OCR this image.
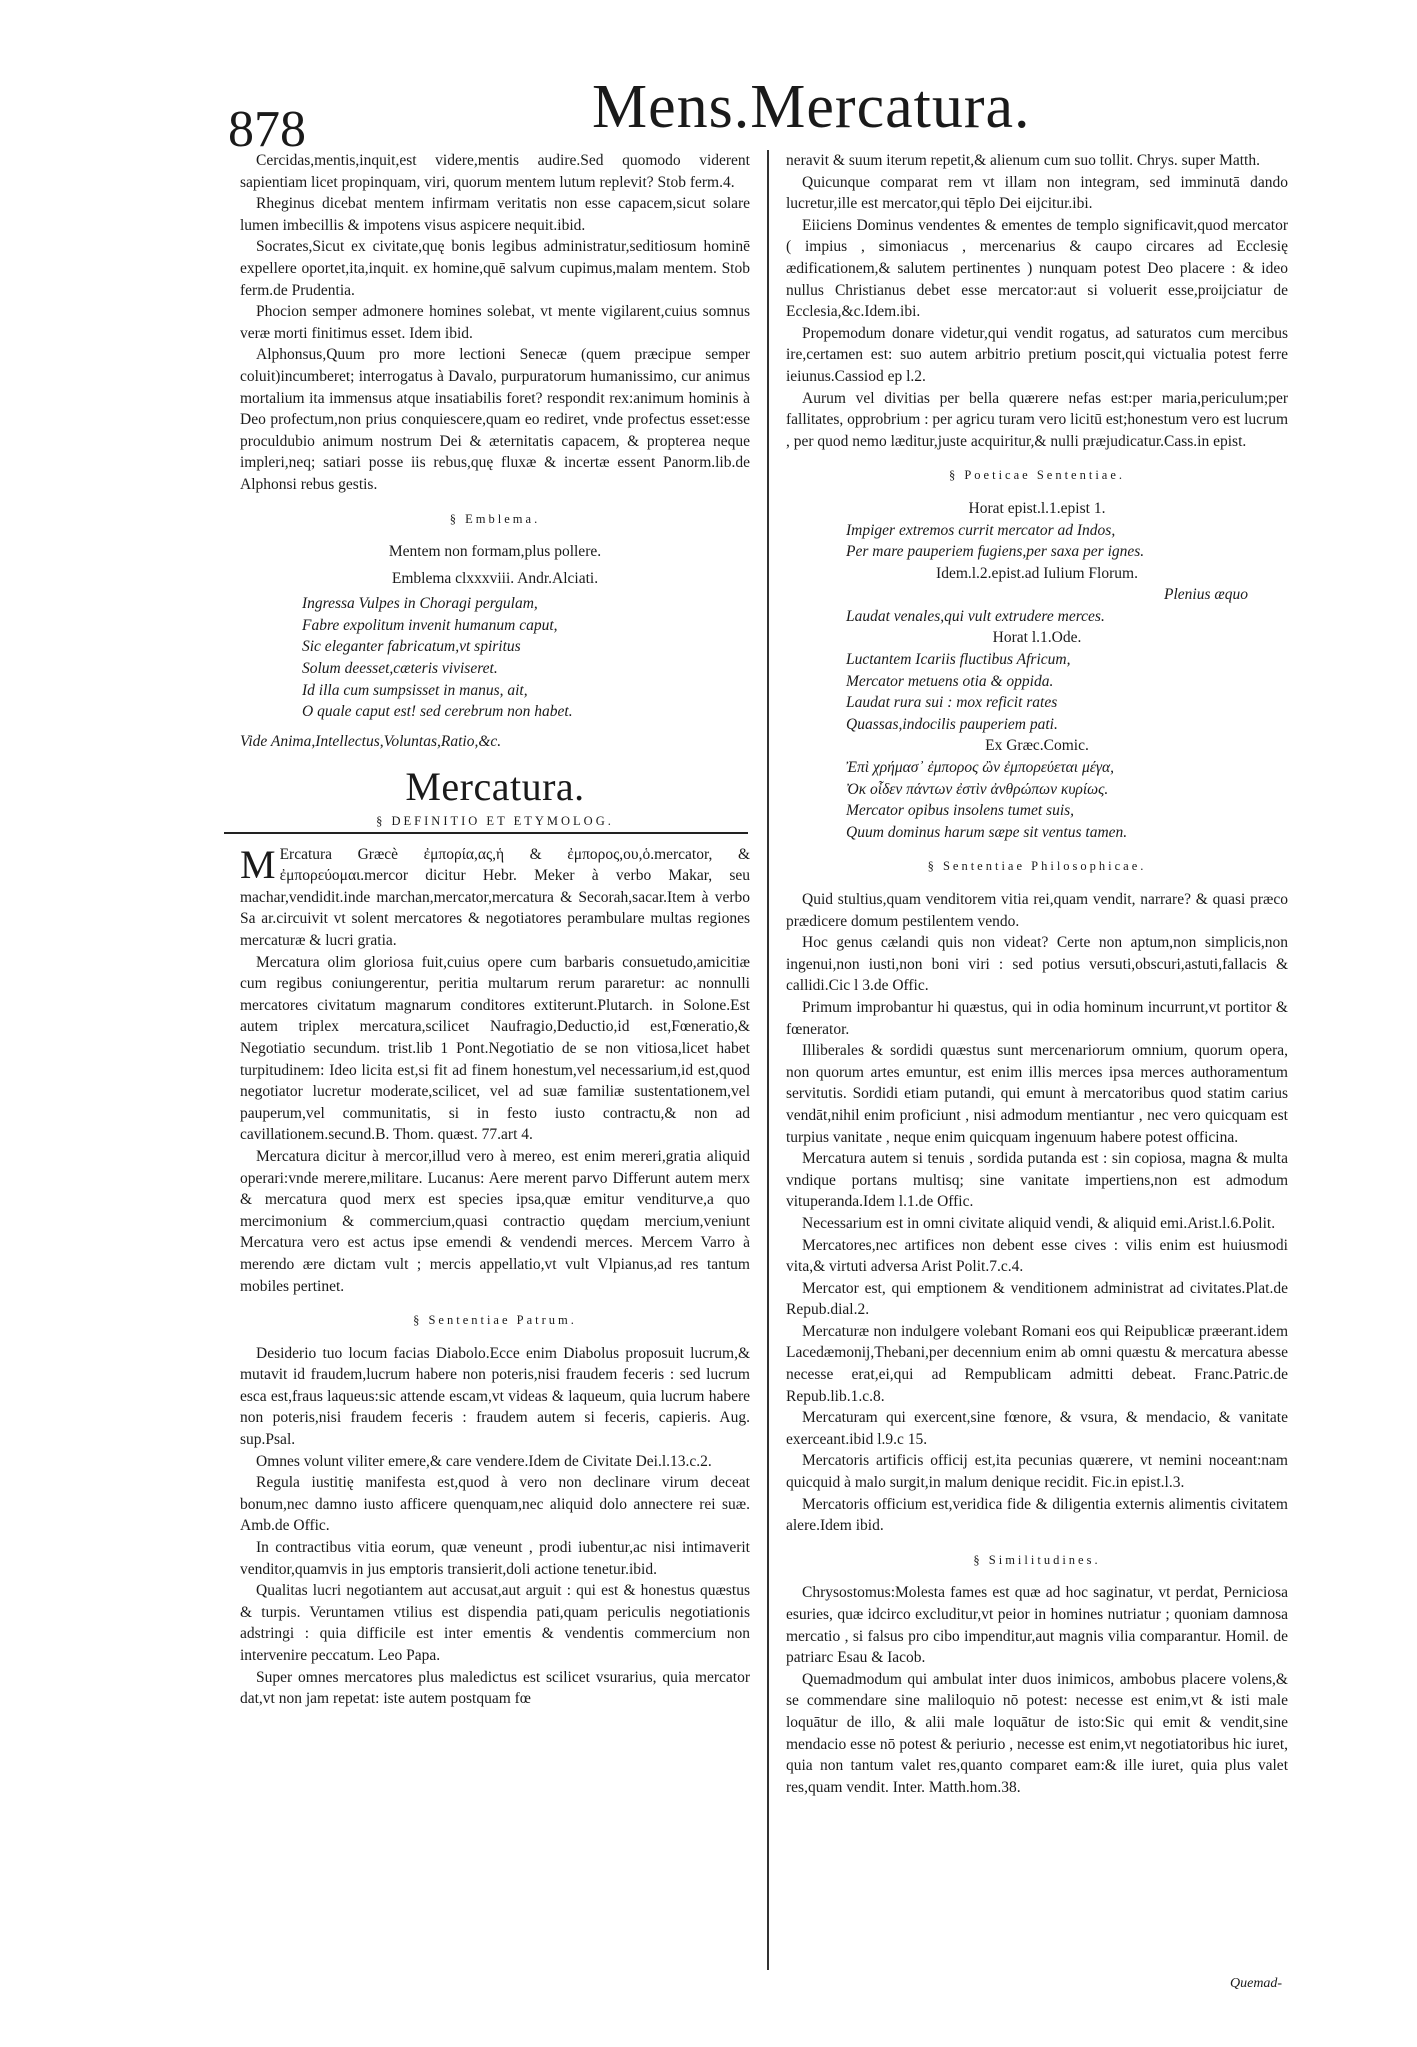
878	Mens.Mercatura.

Cercidas,mentis,inquit,est videre,mentis audire.Sed quomodo viderent sapientiam licet propinquam, viri, quorum mentem lutum replevit? Stob ferm.4.

Rheginus dicebat mentem infirmam veritatis non esse capacem,sicut solare lumen imbecillis & impotens visus aspicere nequit.ibid.

Socrates,Sicut ex civitate,quę bonis legibus administratur,seditiosum hominē expellere oportet,ita,inquit. ex homine,quē salvum cupimus,malam mentem. Stob ferm.de Prudentia.

Phocion semper admonere homines solebat, vt mente vigilarent,cuius somnus veræ morti finitimus esset. Idem ibid.

Alphonsus,Quum pro more lectioni Senecæ (quem præcipue semper coluit)incumberet; interrogatus à Davalo, purpuratorum humanissimo, cur animus mortalium ita immensus atque insatiabilis foret? respondit rex:animum hominis à Deo profectum,non prius conquiescere,quam eo rediret, vnde profectus esset:esse proculdubio animum nostrum Dei & æternitatis capacem, & propterea neque impleri,neq; satiari posse iis rebus,quę fluxæ & incertæ essent Panorm.lib.de Alphonsi rebus gestis.

§ Emblema.
Mentem non formam,plus pollere.
Emblema clxxxviii. Andr.Alciati.
Ingressa Vulpes in Choragi pergulam,
Fabre expolitum invenit humanum caput,
Sic eleganter fabricatum,vt spiritus
Solum deesset,cæteris viviseret.
Id illa cum sumpsisset in manus, ait,
O quale caput est! sed cerebrum non habet.
Vide Anima,Intellectus,Voluntas,Ratio,&c.
Mercatura.
§ DEFINITIO ET ETYMOLOG.

M Ercatura Græcè ἐμπορία,ας,ἡ & ἐμπορος,ου,ὁ.mercator, & ἐμπορεύομαι.mercor dicitur Hebr. Meker à verbo Makar, seu machar,vendidit.inde marchan,mercator,mercatura & Secorah,sacar.Item à verbo Sa ar.circuivit vt solent mercatores & negotiatores perambulare multas regiones mercaturæ & lucri gratia.

Mercatura olim gloriosa fuit,cuius opere cum barbaris consuetudo,amicitiæ cum regibus coniungerentur, peritia multarum rerum pararetur: ac nonnulli mercatores civitatum magnarum conditores extiterunt.Plutarch. in Solone.Est autem triplex mercatura,scilicet Naufragio,Deductio,id est,Fœneratio,& Negotiatio secundum. trist.lib 1 Pont.Negotiatio de se non vitiosa,licet habet turpitudinem: Ideo licita est,si fit ad finem honestum,vel necessarium,id est,quod negotiator lucretur moderate,scilicet, vel ad suæ familiæ sustentationem,vel pauperum,vel communitatis, si in festo iusto contractu,& non ad cavillationem.secund.B. Thom. quæst. 77.art 4.

Mercatura dicitur à mercor,illud vero à mereo, est enim mereri,gratia aliquid operari:vnde merere,militare. Lucanus: Aere merent parvo Differunt autem merx & mercatura quod merx est species ipsa,quæ emitur venditurve,a quo mercimonium & commercium,quasi contractio quędam mercium,veniunt Mercatura vero est actus ipse emendi & vendendi merces. Mercem Varro à merendo ære dictam vult ; mercis appellatio,vt vult Vlpianus,ad res tantum mobiles pertinet.

§ Sententiae Patrum.

Desiderio tuo locum facias Diabolo.Ecce enim Diabolus proposuit lucrum,& mutavit id fraudem,lucrum habere non poteris,nisi fraudem feceris : sed lucrum esca est,fraus laqueus:sic attende escam,vt videas & laqueum, quia lucrum habere non poteris,nisi fraudem feceris : fraudem autem si feceris, capieris. Aug. sup.Psal.

Omnes volunt viliter emere,& care vendere.Idem de Civitate Dei.l.13.c.2.

Regula iustitię manifesta est,quod à vero non declinare virum deceat bonum,nec damno iusto afficere quenquam,nec aliquid dolo annectere rei suæ. Amb.de Offic.

In contractibus vitia eorum, quæ veneunt , prodi iubentur,ac nisi intimaverit venditor,quamvis in jus emptoris transierit,doli actione tenetur.ibid.

Qualitas lucri negotiantem aut accusat,aut arguit : qui est & honestus quæstus & turpis. Veruntamen vtilius est dispendia pati,quam periculis negotiationis adstringi : quia difficile est inter ementis & vendentis commercium non intervenire peccatum. Leo Papa.

Super omnes mercatores plus maledictus est scilicet vsurarius, quia mercator dat,vt non jam repetat: iste autem postquam fœ

neravit & suum iterum repetit,& alienum cum suo tollit. Chrys. super Matth.

Quicunque comparat rem vt illam non integram, sed imminutā dando lucretur,ille est mercator,qui tēplo Dei eijcitur.ibi.

Eiiciens Dominus vendentes & ementes de templo significavit,quod mercator ( impius , simoniacus , mercenarius & caupo circares ad Ecclesię ædificationem,& salutem pertinentes ) nunquam potest Deo placere : & ideo nullus Christianus debet esse mercator:aut si voluerit esse,proijciatur de Ecclesia,&c.Idem.ibi.

Propemodum donare videtur,qui vendit rogatus, ad saturatos cum mercibus ire,certamen est: suo autem arbitrio pretium poscit,qui victualia potest ferre ieiunus.Cassiod ep l.2.

Aurum vel divitias per bella quærere nefas est:per maria,periculum;per fallitates, opprobrium : per agricu turam vero licitū est;honestum vero est lucrum , per quod nemo læditur,juste acquiritur,& nulli præjudicatur.Cass.in epist.

§ Poeticae Sententiae.
Horat epist.l.1.epist 1.
Impiger extremos currit mercator ad Indos,
Per mare pauperiem fugiens,per saxa per ignes.
Idem.l.2.epist.ad Iulium Florum.
Plenius æquo
Laudat venales,qui vult extrudere merces.
Horat l.1.Ode.
Luctantem Icariis fluctibus Africum,
Mercator metuens otia & oppida.
Laudat rura sui : mox reficit rates
Quassas,indocilis pauperiem pati.
Ex Græc.Comic.
Ἐπὶ χρήμασ᾽ ἐμπορος ὢν ἐμπορεύεται μέγα,
Ὀκ οἶδεν πάντων ἐστὶν ἀνθρώπων κυρίως.
Mercator opibus insolens tumet suis,
Quum dominus harum sæpe sit ventus tamen.
§ Sententiae Philosophicae.

Quid stultius,quam venditorem vitia rei,quam vendit, narrare? & quasi præco prædicere domum pestilentem vendo.

Hoc genus cælandi quis non videat? Certe non aptum,non simplicis,non ingenui,non iusti,non boni viri : sed potius versuti,obscuri,astuti,fallacis & callidi.Cic l 3.de Offic.

Primum improbantur hi quæstus, qui in odia hominum incurrunt,vt portitor & fœnerator.

Illiberales & sordidi quæstus sunt mercenariorum omnium, quorum opera, non quorum artes emuntur, est enim illis merces ipsa merces authoramentum servitutis. Sordidi etiam putandi, qui emunt à mercatoribus quod statim carius vendāt,nihil enim proficiunt , nisi admodum mentiantur , nec vero quicquam est turpius vanitate , neque enim quicquam ingenuum habere potest officina.

Mercatura autem si tenuis , sordida putanda est : sin copiosa, magna & multa vndique portans multisq; sine vanitate impertiens,non est admodum vituperanda.Idem l.1.de Offic.

Necessarium est in omni civitate aliquid vendi, & aliquid emi.Arist.l.6.Polit.

Mercatores,nec artifices non debent esse cives : vilis enim est huiusmodi vita,& virtuti adversa Arist Polit.7.c.4.

Mercator est, qui emptionem & venditionem administrat ad civitates.Plat.de Repub.dial.2.

Mercaturæ non indulgere volebant Romani eos qui Reipublicæ præerant.idem Lacedæmonij,Thebani,per decennium enim ab omni quæstu & mercatura abesse necesse erat,ei,qui ad Rempublicam admitti debeat. Franc.Patric.de Repub.lib.1.c.8.

Mercaturam qui exercent,sine fœnore, & vsura, & mendacio, & vanitate exerceant.ibid l.9.c 15.

Mercatoris artificis officij est,ita pecunias quærere, vt nemini noceant:nam quicquid à malo surgit,in malum denique recidit. Fic.in epist.l.3.

Mercatoris officium est,veridica fide & diligentia externis alimentis civitatem alere.Idem ibid.

§ Similitudines.

Chrysostomus:Molesta fames est quæ ad hoc saginatur, vt perdat, Perniciosa esuries, quæ idcirco excluditur,vt peior in homines nutriatur ; quoniam damnosa mercatio , si falsus pro cibo impenditur,aut magnis vilia comparantur. Homil. de patriarc Esau & Iacob.

Quemadmodum qui ambulat inter duos inimicos, ambobus placere volens,& se commendare sine maliloquio nō potest: necesse est enim,vt & isti male loquātur de illo, & alii male loquātur de isto:Sic qui emit & vendit,sine mendacio esse nō potest & periurio , necesse est enim,vt negotiatoribus hic iuret, quia non tantum valet res,quanto comparet eam:& ille iuret, quia plus valet res,quam vendit. Inter. Matth.hom.38.

Quemad-
